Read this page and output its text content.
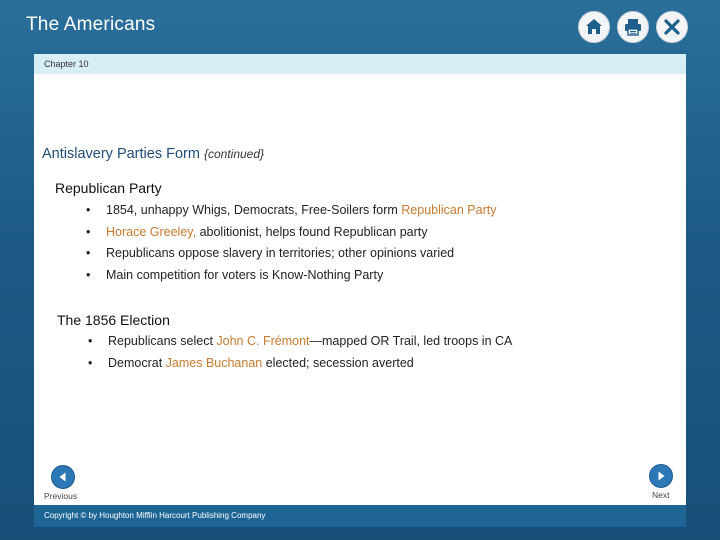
The Americans
Chapter 10
Antislavery Parties Form {continued}
Republican Party
• 1854, unhappy Whigs, Democrats, Free-Soilers form Republican Party
• Horace Greeley, abolitionist, helps found Republican party
• Republicans oppose slavery in territories; other opinions varied
• Main competition for voters is Know-Nothing Party
The 1856 Election
• Republicans select John C. Frémont—mapped OR Trail, led troops in CA
• Democrat James Buchanan elected; secession averted
Previous	Next
Copyright © by Houghton Mifflin Harcourt Publishing Company
